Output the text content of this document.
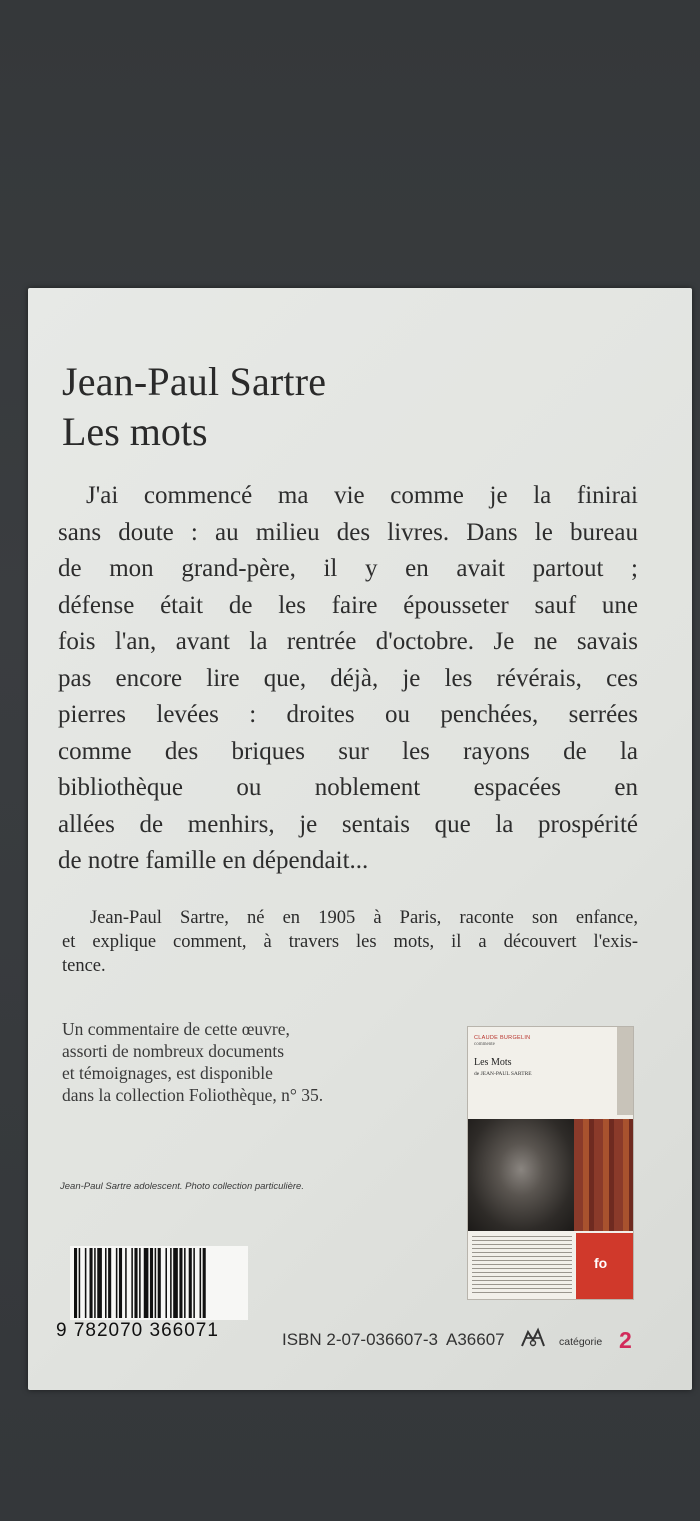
Jean-Paul Sartre
Les mots
J'ai commencé ma vie comme je la finirai
sans doute : au milieu des livres. Dans le bureau
de mon grand-père, il y en avait partout ;
défense était de les faire épousseter sauf une
fois l'an, avant la rentrée d'octobre. Je ne savais
pas encore lire que, déjà, je les révérais, ces
pierres levées : droites ou penchées, serrées
comme des briques sur les rayons de la
bibliothèque ou noblement espacées en
allées de menhirs, je sentais que la prospérité
de notre famille en dépendait...
Jean-Paul Sartre, né en 1905 à Paris, raconte son enfance,
et explique comment, à travers les mots, il a découvert l'exis-
tence.
Un commentaire de cette œuvre,
assorti de nombreux documents
et témoignages, est disponible
dans la collection Foliothèque, n° 35.
Jean-Paul Sartre adolescent. Photo collection particulière.
CLAUDE BURGELIN
commente
Les Mots
de JEAN-PAUL SARTRE
fo
9 782070 366071	ISBN 2-07-036607-3 A36607	catégorie 2
